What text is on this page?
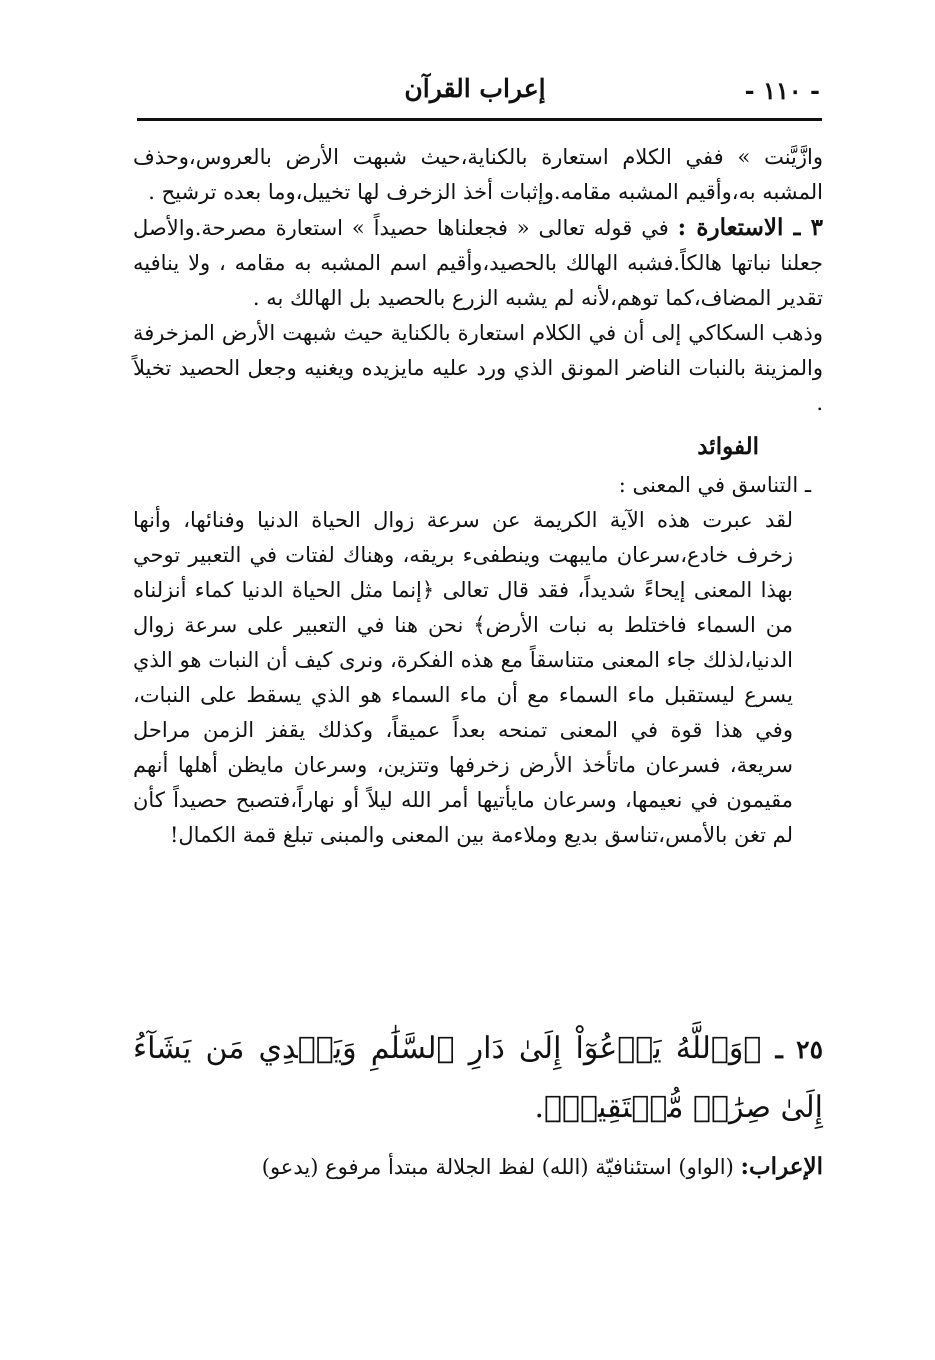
- ١١٠ -
إعراب القرآن

وازَّيَّنت » ففي الكلام استعارة بالكناية،حيث شبهت الأرض بالعروس،وحذف المشبه به،وأقيم المشبه مقامه.وإثبات أخذ الزخرف لها تخييل،وما بعده ترشيح .

٣ ـ الاستعارة : في قوله تعالى « فجعلناها حصيداً » استعارة مصرحة.والأصل جعلنا نباتها هالكاً.فشبه الهالك بالحصيد،وأقيم اسم المشبه به مقامه ، ولا ينافيه تقدير المضاف،كما توهم،لأنه لم يشبه الزرع بالحصيد بل الهالك به .

وذهب السكاكي إلى أن في الكلام استعارة بالكناية حيث شبهت الأرض المزخرفة والمزينة بالنبات الناضر المونق الذي ورد عليه مايزيده ويغنيه وجعل الحصيد تخيلاً .

الفوائد

ـ التناسق في المعنى :

لقد عبرت هذه الآية الكريمة عن سرعة زوال الحياة الدنيا وفنائها، وأنها زخرف خادع،سرعان مايبهت وينطفىء بريقه، وهناك لفتات في التعبير توحي بهذا المعنى إيحاءً شديداً، فقد قال تعالى ﴿إنما مثل الحياة الدنيا كماء أنزلناه من السماء فاختلط به نبات الأرض﴾ نحن هنا في التعبير على سرعة زوال الدنيا،لذلك جاء المعنى متناسقاً مع هذه الفكرة، ونرى كيف أن النبات هو الذي يسرع ليستقبل ماء السماء مع أن ماء السماء هو الذي يسقط على النبات، وفي هذا قوة في المعنى تمنحه بعداً عميقاً، وكذلك يقفز الزمن مراحل سريعة، فسرعان ماتأخذ الأرض زخرفها وتتزين، وسرعان مايظن أهلها أنهم مقيمون في نعيمها، وسرعان مايأتيها أمر الله ليلاً أو نهاراً،فتصبح حصيداً كأن لم تغن بالأمس،تناسق بديع وملاءمة بين المعنى والمبنى تبلغ قمة الكمال!

٢٥ ـ ﴿وَٱللَّهُ يَدۡعُوٓاْ إِلَىٰ دَارِ ٱلسَّلَٰمِ وَيَهۡدِي مَن يَشَآءُ إِلَىٰ صِرَٰطٖ مُّسۡتَقِيمٖ﴾.
الإعراب: (الواو) استئنافيّة (الله) لفظ الجلالة مبتدأ مرفوع (يدعو)
